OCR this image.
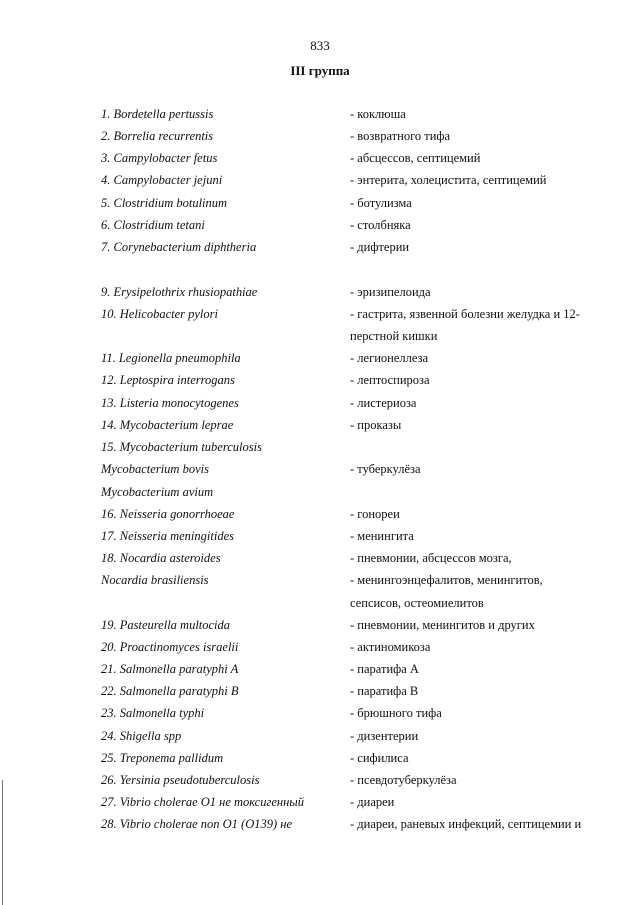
833
III группа
1. Bordetella pertussis	- коклюша
2. Borrelia recurrentis	- возвратного тифа
3. Campylobacter fetus	- абсцессов, септицемий
4. Campylobacter jejuni	- энтерита, холецистита, септицемий
5. Clostridium botulinum	- ботулизма
6. Clostridium tetani	- столбняка
7. Corynebacterium diphtheria	- дифтерии
9. Erysipelothrix rhusiopathiae	- эризипелоида
10. Helicobacter pylori	- гастрита, язвенной болезни желудка и 12-
перстной кишки
11. Legionella pneumophila	- легионеллеза
12. Leptospira interrogans	- лептоспироза
13. Listeria monocytogenes	- листериоза
14. Mycobacterium leprae	- проказы
15. Mycobacterium tuberculosis
Mycobacterium bovis	- туберкулёза
Mycobacterium avium
16. Neisseria gonorrhoeae	- гонореи
17. Neisseria meningitides	- менингита
18. Nocardia asteroides	- пневмонии, абсцессов мозга,
Nocardia brasiliensis	- менингоэнцефалитов, менингитов,
сепсисов, остеомиелитов
19. Pasteurella multocida	- пневмонии, менингитов и других
20. Proactinomyces israelii	- актиномикоза
21. Salmonella paratyphi A	- паратифа А
22. Salmonella paratyphi B	- паратифа В
23. Salmonella typhi	- брюшного тифа
24. Shigella spp	- дизентерии
25. Treponema pallidum	- сифилиса
26. Yersinia pseudotuberculosis	- псевдотуберкулёза
27. Vibrio cholerae O1 не токсигенный	- диареи
28. Vibrio cholerae non O1 (O139) не	- диареи, раневых инфекций, септицемии и
